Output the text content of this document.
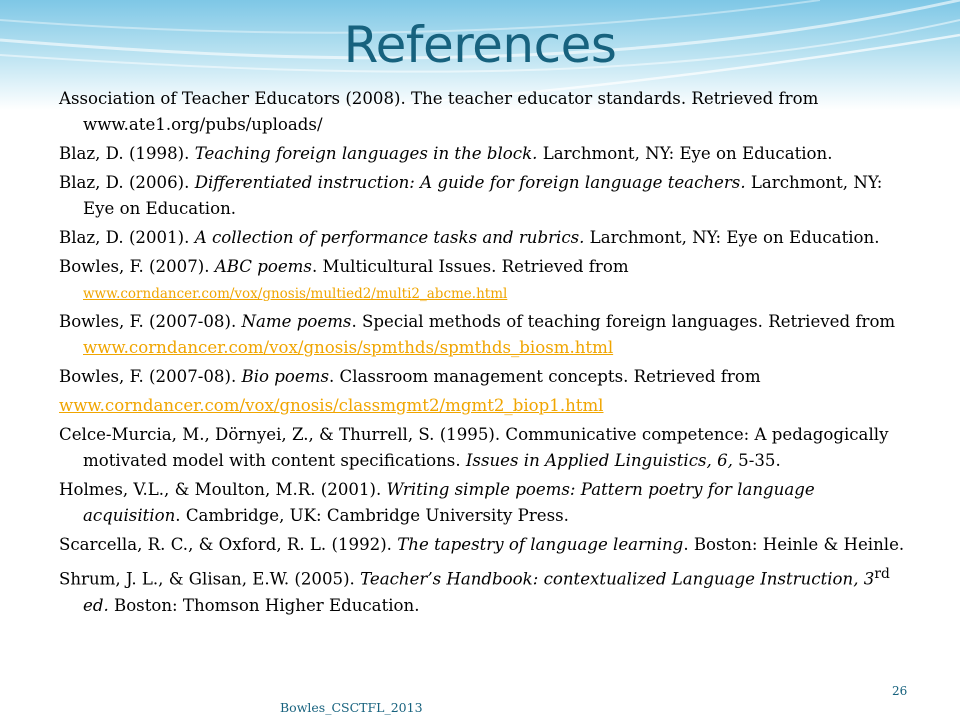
References

Association of Teacher Educators (2008). The teacher educator standards. Retrieved from www.ate1.org/pubs/uploads/

Blaz, D. (1998). Teaching foreign languages in the block. Larchmont, NY: Eye on Education.

Blaz, D. (2006). Differentiated instruction: A guide for foreign language teachers. Larchmont, NY: Eye on Education.

Blaz, D. (2001). A collection of performance tasks and rubrics. Larchmont, NY: Eye on Education.

Bowles, F. (2007). ABC poems. Multicultural Issues. Retrieved from
www.corndancer.com/vox/gnosis/multied2/multi2_abcme.html

Bowles, F. (2007-08). Name poems. Special methods of teaching foreign languages. Retrieved from www.corndancer.com/vox/gnosis/spmthds/spmthds_biosm.html

Bowles, F. (2007-08). Bio poems. Classroom management concepts. Retrieved from

www.corndancer.com/vox/gnosis/classmgmt2/mgmt2_biop1.html

Celce-Murcia, M., Dörnyei, Z., & Thurrell, S. (1995). Communicative competence: A pedagogically motivated model with content specifications. Issues in Applied Linguistics, 6, 5-35.

Holmes, V.L., & Moulton, M.R. (2001). Writing simple poems: Pattern poetry for language acquisition. Cambridge, UK: Cambridge University Press.

Scarcella, R. C., & Oxford, R. L. (1992). The tapestry of language learning. Boston: Heinle & Heinle.

Shrum, J. L., & Glisan, E.W. (2005). Teacher’s Handbook: contextualized Language Instruction, 3rd ed. Boston: Thomson Higher Education.

26
Bowles_CSCTFL_2013
